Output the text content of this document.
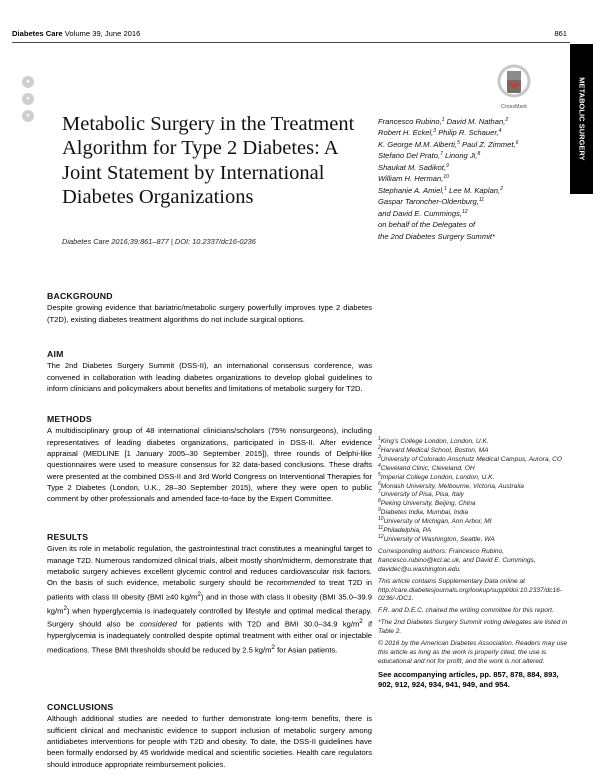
Diabetes Care Volume 39, June 2016	861
METABOLIC SURGERY
●
●
●
CrossMark
Metabolic Surgery in the Treatment Algorithm for Type 2 Diabetes: A Joint Statement by International Diabetes Organizations
Diabetes Care 2016;39:861–877 | DOI: 10.2337/dc16-0236
Francesco Rubino,$^1$ David M. Nathan,$^2$
Robert H. Eckel,$^3$ Philip R. Schauer,$^4$
K. George M.M. Alberti,$^5$ Paul Z. Zimmet,$^6$
Stefano Del Prato,$^7$ Linong Ji,$^8$
Shaukat M. Sadikot,$^9$
William H. Herman,$^{10}$
Stephanie A. Amiel,$^1$ Lee M. Kaplan,$^2$
Gaspar Taroncher-Oldenburg,$^{11}$
and David E. Cummings,$^{12}$
on behalf of the Delegates of
the 2nd Diabetes Surgery Summit*
BACKGROUND

Despite growing evidence that bariatric/metabolic surgery powerfully improves type 2 diabetes (T2D), existing diabetes treatment algorithms do not include surgical options.

AIM

The 2nd Diabetes Surgery Summit (DSS-II), an international consensus conference, was convened in collaboration with leading diabetes organizations to develop global guidelines to inform clinicians and policymakers about benefits and limitations of metabolic surgery for T2D.

METHODS

A multidisciplinary group of 48 international clinicians/scholars (75% nonsurgeons), including representatives of leading diabetes organizations, participated in DSS-II. After evidence appraisal (MEDLINE [1 January 2005–30 September 2015]), three rounds of Delphi-like questionnaires were used to measure consensus for 32 data-based conclusions. These drafts were presented at the combined DSS-II and 3rd World Congress on Interventional Therapies for Type 2 Diabetes (London, U.K., 28–30 September 2015), where they were open to public comment by other professionals and amended face-to-face by the Expert Committee.

RESULTS

Given its role in metabolic regulation, the gastrointestinal tract constitutes a meaningful target to manage T2D. Numerous randomized clinical trials, albeit mostly short/midterm, demonstrate that metabolic surgery achieves excellent glycemic control and reduces cardiovascular risk factors. On the basis of such evidence, metabolic surgery should be recommended to treat T2D in patients with class III obesity (BMI ≥40 $kg/m^2$) and in those with class II obesity (BMI 35.0–39.9 $kg/m^2$) when hyperglycemia is inadequately controlled by lifestyle and optimal medical therapy. Surgery should also be considered for patients with T2D and BMI 30.0–34.9 $kg/m^2$ if hyperglycemia is inadequately controlled despite optimal treatment with either oral or injectable medications. These BMI thresholds should be reduced by 2.5 $kg/m^2$ for Asian patients.

CONCLUSIONS

Although additional studies are needed to further demonstrate long-term benefits, there is sufficient clinical and mechanistic evidence to support inclusion of metabolic surgery among antidiabetes interventions for people with T2D and obesity. To date, the DSS-II guidelines have been formally endorsed by 45 worldwide medical and scientific societies. Health care regulators should introduce appropriate reimbursement policies.

$^1$King's College London, London, U.K.
$^2$Harvard Medical School, Boston, MA
$^3$University of Colorado Anschutz Medical Campus, Aurora, CO
$^4$Cleveland Clinic, Cleveland, OH
$^5$Imperial College London, London, U.K.
$^6$Monash University, Melbourne, Victoria, Australia
$^7$University of Pisa, Pisa, Italy
$^8$Peking University, Beijing, China
$^9$Diabetes India, Mumbai, India
$^{10}$University of Michigan, Ann Arbor, MI
$^{11}$Philadelphia, PA
$^{12}$University of Washington, Seattle, WA

Corresponding authors: Francesco Rubino, francesco.rubino@kcl.ac.uk, and David E. Cummings, davidec@u.washington.edu.

This article contains Supplementary Data online at http://care.diabetesjournals.org/lookup/suppl/doi:10.2337/dc16-0236/-/DC1.

F.R. and D.E.C. chaired the writing committee for this report.

*The 2nd Diabetes Surgery Summit voting delegates are listed in Table 2.

© 2016 by the American Diabetes Association. Readers may use this article as long as the work is properly cited, the use is educational and not for profit, and the work is not altered.

See accompanying articles, pp. 857, 878, 884, 893, 902, 912, 924, 934, 941, 949, and 954.
